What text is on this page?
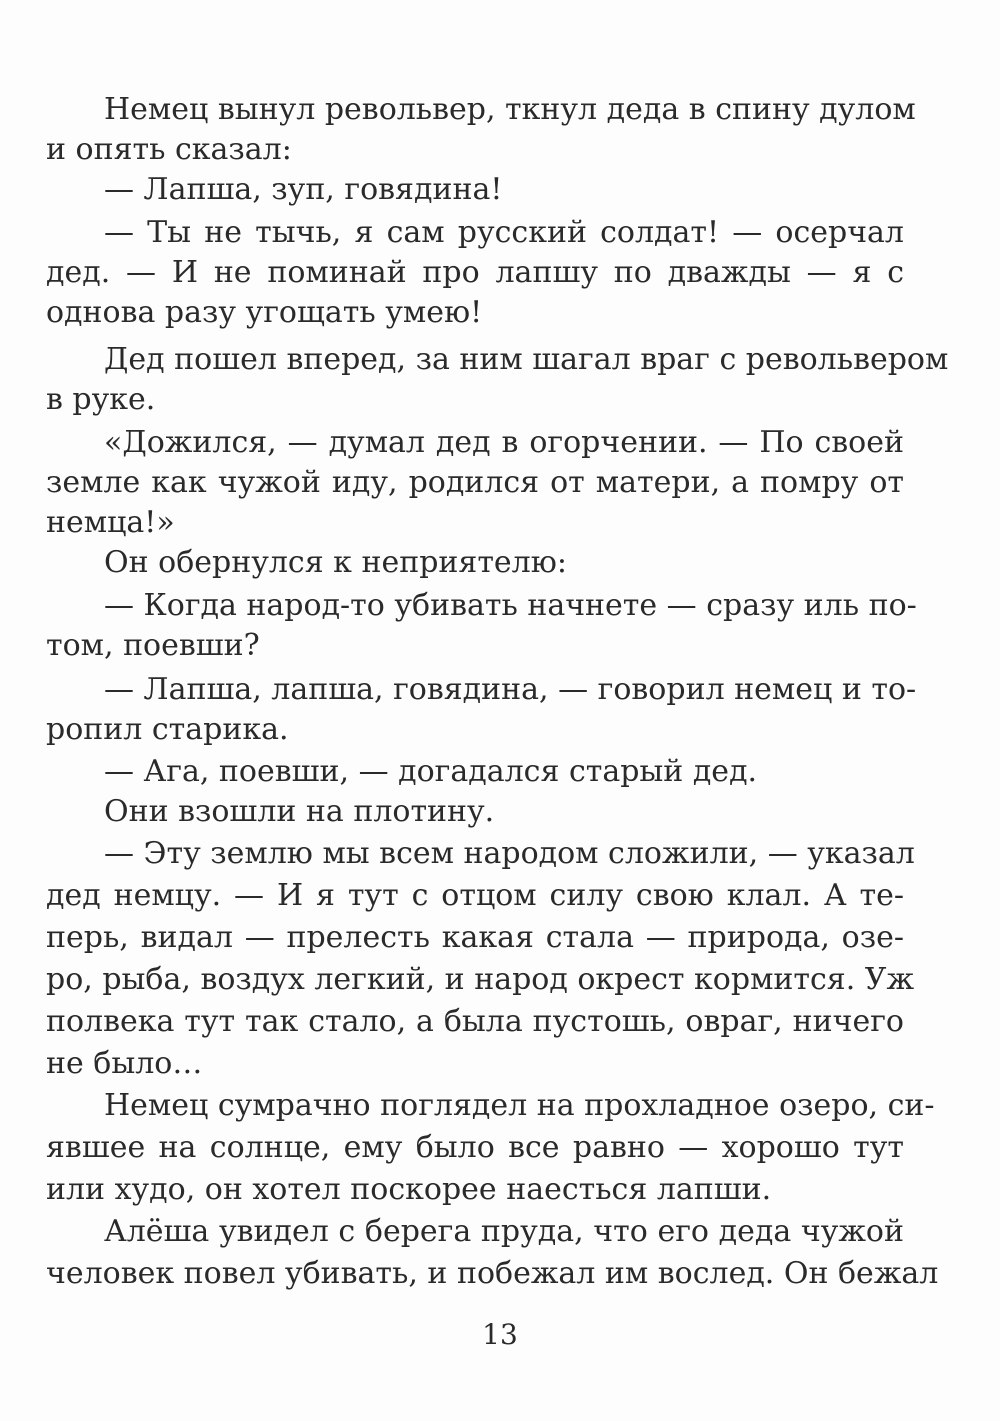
Немец вынул револьвер, ткнул деда в спину дулом
и опять сказал:
— Лапша, зуп, говядина!
— Ты не тычь, я сам русский солдат! — осерчал
дед. — И не поминай про лапшу по дважды — я с
однова разу угощать умею!
Дед пошел вперед, за ним шагал враг с револьвером
в руке.
«Дожился, — думал дед в огорчении. — По своей
земле как чужой иду, родился от матери, а помру от
немца!»
Он обернулся к неприятелю:
— Когда народ-то убивать начнете — сразу иль по-
том, поевши?
— Лапша, лапша, говядина, — говорил немец и то-
ропил старика.
— Ага, поевши, — догадался старый дед.
Они взошли на плотину.
— Эту землю мы всем народом сложили, — указал
дед немцу. — И я тут с отцом силу свою клал. А те-
перь, видал — прелесть какая стала — природа, озе-
ро, рыба, воздух легкий, и народ окрест кормится. Уж
полвека тут так стало, а была пустошь, овраг, ничего
не было…
Немец сумрачно поглядел на прохладное озеро, си-
явшее на солнце, ему было все равно — хорошо тут
или худо, он хотел поскорее наесться лапши.
Алёша увидел с берега пруда, что его деда чужой
человек повел убивать, и побежал им вослед. Он бежал
13
